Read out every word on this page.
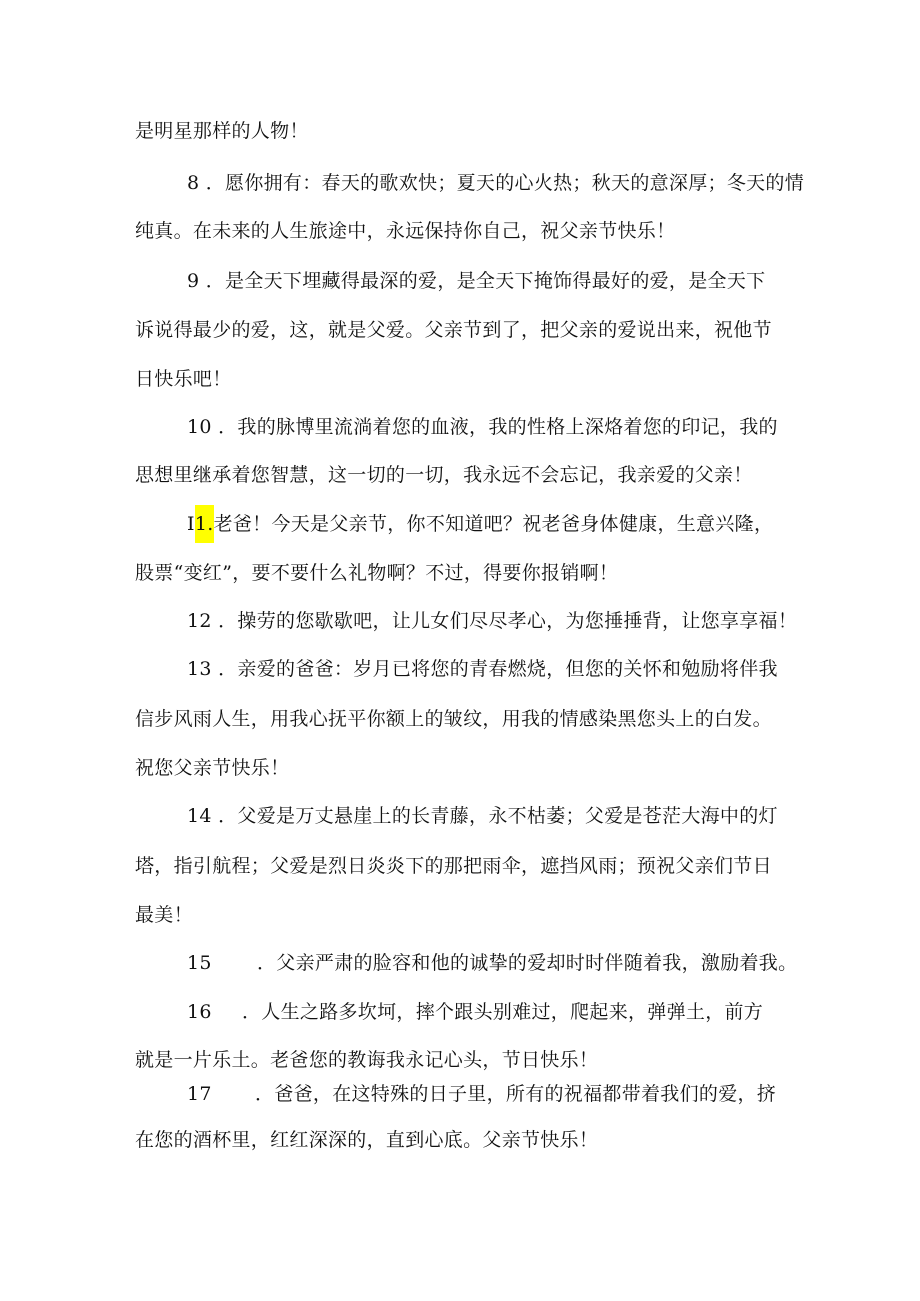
是明星那样的人物！
8 ．愿你拥有：春天的歌欢快；夏天的心火热；秋天的意深厚；冬天的情
纯真。在未来的人生旅途中，永远保持你自己，祝父亲节快乐！
9 ．是全天下埋藏得最深的爱，是全天下掩饰得最好的爱，是全天下
诉说得最少的爱，这，就是父爱。父亲节到了，把父亲的爱说出来，祝他节
日快乐吧！
10 ．我的脉博里流淌着您的血液，我的性格上深烙着您的印记，我的
思想里继承着您智慧，这一切的一切，我永远不会忘记，我亲爱的父亲！
I1.老爸！今天是父亲节，你不知道吧？祝老爸身体健康，生意兴隆，
股票“变红”，要不要什么礼物啊？不过，得要你报销啊！
12 ．操劳的您歇歇吧，让儿女们尽尽孝心，为您捶捶背，让您享享福！
13 ．亲爱的爸爸：岁月已将您的青春燃烧，但您的关怀和勉励将伴我
信步风雨人生，用我心抚平你额上的皱纹，用我的情感染黑您头上的白发。
祝您父亲节快乐！
14 ．父爱是万丈悬崖上的长青藤，永不枯萎；父爱是苍茫大海中的灯
塔，指引航程；父爱是烈日炎炎下的那把雨伞，遮挡风雨；预祝父亲们节日
最美！
15 ．父亲严肃的脸容和他的诚挚的爱却时时伴随着我，激励着我。
16 ．人生之路多坎坷，摔个跟头别难过，爬起来，弹弹土，前方
就是一片乐土。老爸您的教诲我永记心头，节日快乐！
17 ．爸爸，在这特殊的日子里，所有的祝福都带着我们的爱，挤
在您的酒杯里，红红深深的，直到心底。父亲节快乐！
